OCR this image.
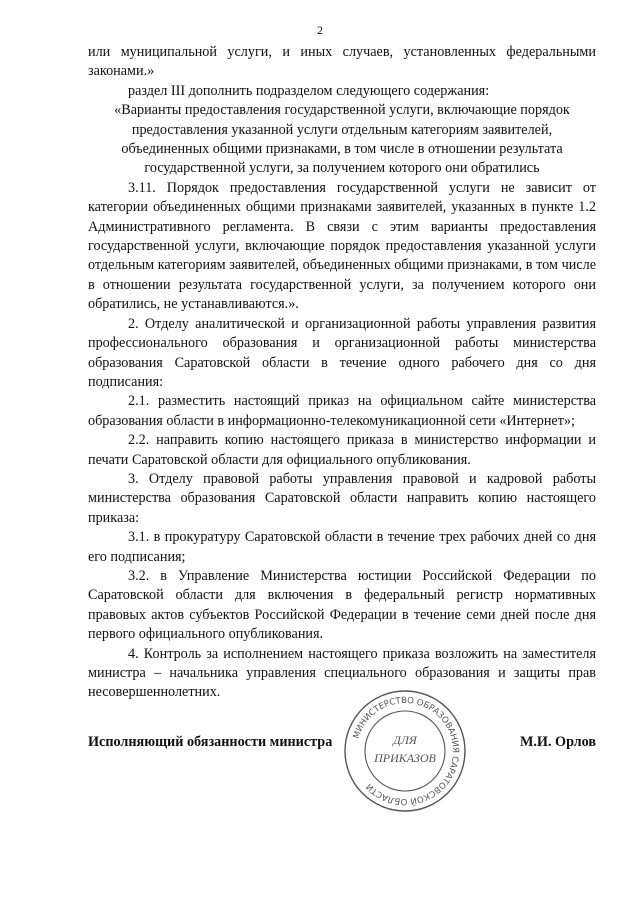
2

или муниципальной услуги, и иных случаев, установленных федеральными законами.»

раздел III дополнить подразделом следующего содержания:

«Варианты предоставления государственной услуги, включающие порядок предоставления указанной услуги отдельным категориям заявителей, объединенных общими признаками, в том числе в отношении результата государственной услуги, за получением которого они обратились

3.11. Порядок предоставления государственной услуги не зависит от категории объединенных общими признаками заявителей, указанных в пункте 1.2 Административного регламента. В связи с этим варианты предоставления государственной услуги, включающие порядок предоставления указанной услуги отдельным категориям заявителей, объединенных общими признаками, в том числе в отношении результата государственной услуги, за получением которого они обратились, не устанавливаются.».

2. Отделу аналитической и организационной работы управления развития профессионального образования и организационной работы министерства образования Саратовской области в течение одного рабочего дня со дня подписания:

2.1. разместить настоящий приказ на официальном сайте министерства образования области в информационно-телекомуникационной сети «Интернет»;

2.2. направить копию настоящего приказа в министерство информации и печати Саратовской области для официального опубликования.

3. Отделу правовой работы управления правовой и кадровой работы министерства образования Саратовской области направить копию настоящего приказа:

3.1. в прокуратуру Саратовской области в течение трех рабочих дней со дня его подписания;

3.2. в Управление Министерства юстиции Российской Федерации по Саратовской области для включения в федеральный регистр нормативных правовых актов субъектов Российской Федерации в течение семи дней после дня первого официального опубликования.

4. Контроль за исполнением настоящего приказа возложить на заместителя министра – начальника управления специального образования и защиты прав несовершеннолетних.

МИНИСТЕРСТВО ОБРАЗОВАНИЯ САРАТОВСКОЙ ОБЛАСТИ
ДЛЯ
ПРИКАЗОВ
Исполняющий обязанности министра	М.И. Орлов
